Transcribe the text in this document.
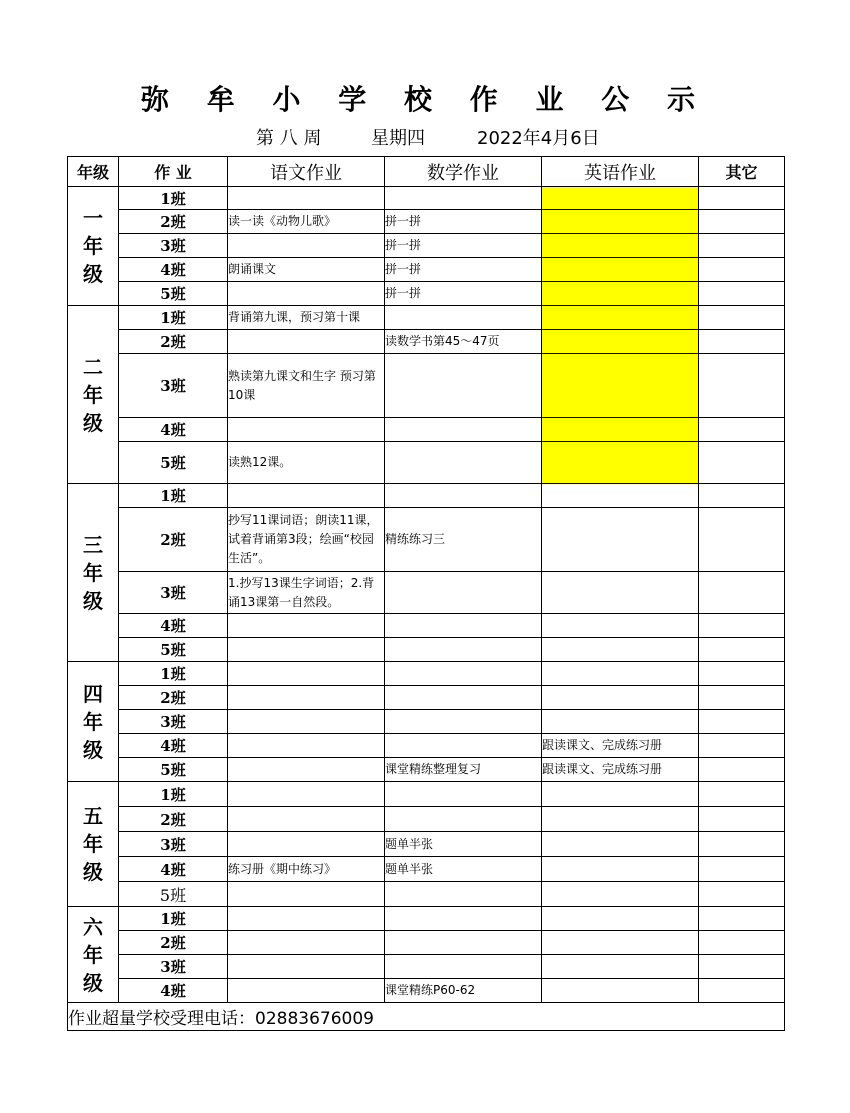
弥 牟 小 学 校 作 业 公 示
第 八 周	星期四	2022年4月6日
年级	作 业	语文作业	数学作业	英语作业	其它

一
年
级	1班				
	2班	读一读《动物儿歌》	拼一拼		
	3班		拼一拼		
	4班	朗诵课文	拼一拼		
	5班		拼一拼		

二
年
级	1班	背诵第九课，预习第十课			
	2班		读数学书第45～47页		
	3班	熟读第九课文和生字 预习第10课			
	4班				
	5班	读熟12课。			

三
年
级	1班				
	2班	抄写11课词语；朗读11课，试着背诵第3段；绘画“校园生活”。	精练练习三		
	3班	1.抄写13课生字词语；2.背诵13课第一自然段。			
	4班				
	5班				

四
年
级	1班				
	2班				
	3班				
	4班			跟读课文、完成练习册	
	5班		课堂精练整理复习	跟读课文、完成练习册	

五
年
级	1班				
	2班				
	3班		题单半张		
	4班	练习册《期中练习》	题单半张		
	5班				

六
年
级	1班				
	2班				
	3班				
	4班		课堂精练P60-62		
作业超量学校受理电话：02883676009					
